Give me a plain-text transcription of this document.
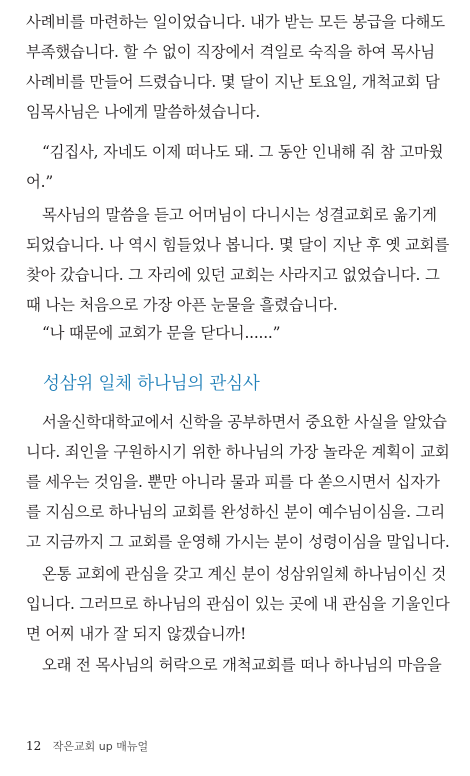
사례비를 마련하는 일이었습니다. 내가 받는 모든 봉급을 다해도
부족했습니다. 할 수 없이 직장에서 격일로 숙직을 하여 목사님
사례비를 만들어 드렸습니다. 몇 달이 지난 토요일, 개척교회 담
임목사님은 나에게 말씀하셨습니다.
“김집사, 자네도 이제 떠나도 돼. 그 동안 인내해 줘 참 고마웠
어.”
목사님의 말씀을 듣고 어머님이 다니시는 성결교회로 옮기게
되었습니다. 나 역시 힘들었나 봅니다. 몇 달이 지난 후 옛 교회를
찾아 갔습니다. 그 자리에 있던 교회는 사라지고 없었습니다. 그
때 나는 처음으로 가장 아픈 눈물을 흘렸습니다.
“나 때문에 교회가 문을 닫다니......”
성삼위 일체 하나님의 관심사
서울신학대학교에서 신학을 공부하면서 중요한 사실을 알았습
니다. 죄인을 구원하시기 위한 하나님의 가장 놀라운 계획이 교회
를 세우는 것임을. 뿐만 아니라 물과 피를 다 쏟으시면서 십자가
를 지심으로 하나님의 교회를 완성하신 분이 예수님이심을. 그리
고 지금까지 그 교회를 운영해 가시는 분이 성령이심을 말입니다.
온통 교회에 관심을 갖고 계신 분이 성삼위일체 하나님이신 것
입니다. 그러므로 하나님의 관심이 있는 곳에 내 관심을 기울인다
면 어찌 내가 잘 되지 않겠습니까!
오래 전 목사님의 허락으로 개척교회를 떠나 하나님의 마음을
12 작은교회 up 매뉴얼
